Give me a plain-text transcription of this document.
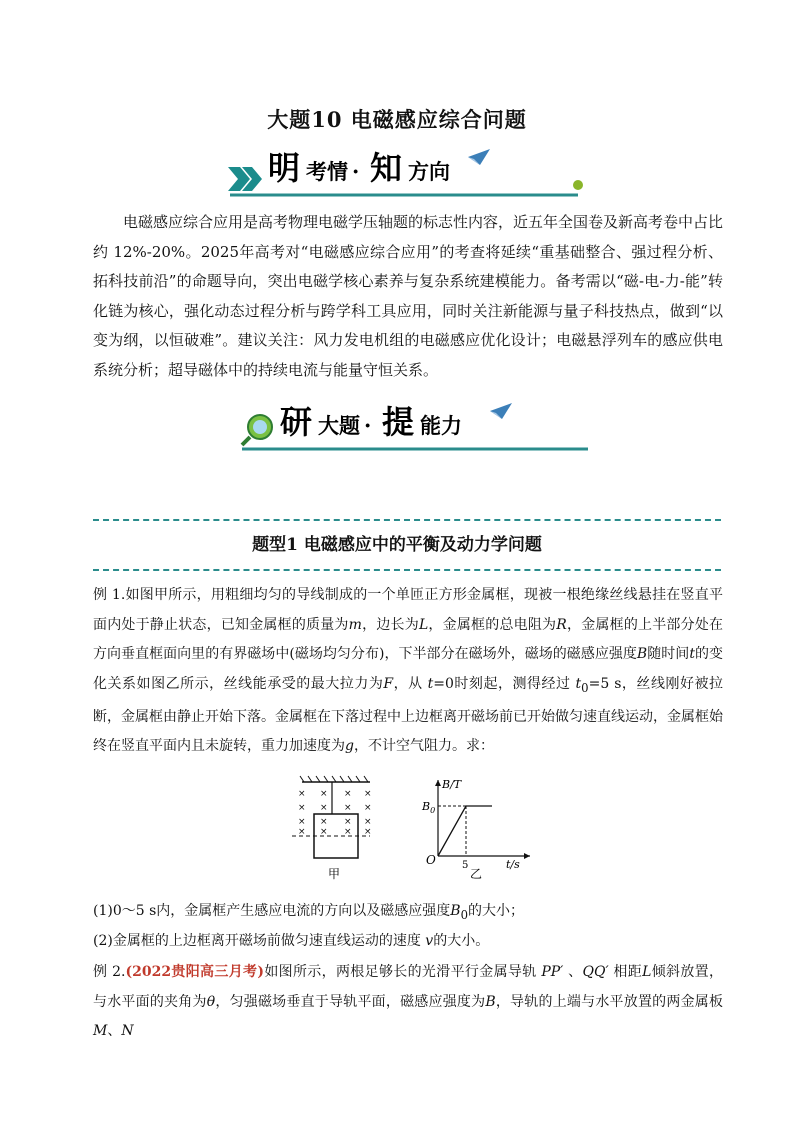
大题10 电磁感应综合问题
明 考情 · 知 方向
电磁感应综合应用是高考物理电磁学压轴题的标志性内容，近五年全国卷及新高考卷中占比约 12%-20%。2025年高考对“电磁感应综合应用”的考查将延续“重基础整合、强过程分析、拓科技前沿”的命题导向，突出电磁学核心素养与复杂系统建模能力。备考需以“磁-电-力-能”转化链为核心，强化动态过程分析与跨学科工具应用，同时关注新能源与量子科技热点，做到“以变为纲，以恒破难”。建议关注：风力发电机组的电磁感应优化设计；电磁悬浮列车的感应供电系统分析；超导磁体中的持续电流与能量守恒关系。
研 大题 · 提 能力
题型1 电磁感应中的平衡及动力学问题
例 1.如图甲所示，用粗细均匀的导线制成的一个单匝正方形金属框，现被一根绝缘丝线悬挂在竖直平面内处于静止状态，已知金属框的质量为m，边长为L，金属框的总电阻为R，金属框的上半部分处在方向垂直框面向里的有界磁场中(磁场均匀分布)，下半部分在磁场外，磁场的磁感应强度B随时间t的变化关系如图乙所示，丝线能承受的最大拉力为F，从 t=0时刻起，测得经过 $t_0=5$ s，丝线刚好被拉断，金属框由静止开始下落。金属框在下落过程中上边框离开磁场前已开始做匀速直线运动，金属框始终在竖直平面内且未旋转，重力加速度为g，不计空气阻力。求：
× × × ×
× × × ×
× × × ×
× × × ×
甲
B/T
t/s
O
$B_0$
5
乙
(1)0～5 s内，金属框产生感应电流的方向以及磁感应强度$B_0$的大小；
(2)金属框的上边框离开磁场前做匀速直线运动的速度 v的大小。
例 2.(2022贵阳高三月考)如图所示，两根足够长的光滑平行金属导轨 PP′ 、QQ′ 相距L倾斜放置，与水平面的夹角为θ，匀强磁场垂直于导轨平面，磁感应强度为B，导轨的上端与水平放置的两金属板M、N
